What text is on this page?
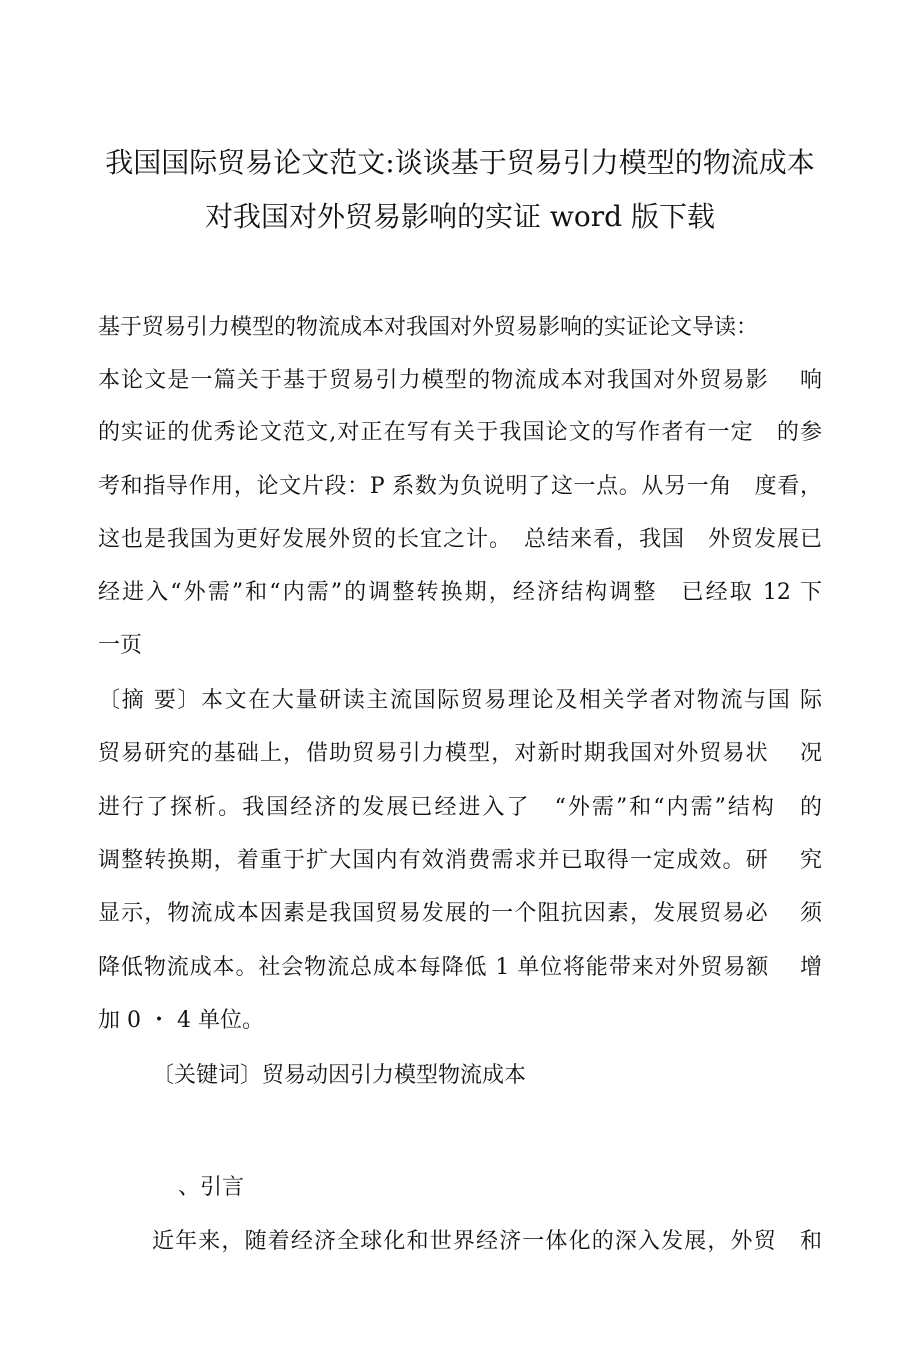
我国国际贸易论文范文:谈谈基于贸易引力模型的物流成本
对我国对外贸易影响的实证 word 版下载
基于贸易引力模型的物流成本对我国对外贸易影响的实证论文导读：
本论文是一篇关于基于贸易引力模型的物流成本对我国对外贸易影　 响
的实证的优秀论文范文,对正在写有关于我国论文的写作者有一定　的参
考和指导作用，论文片段：P 系数为负说明了这一点。从另一角　度看，
这也是我国为更好发展外贸的长宜之计。　总结来看，我国　外贸发展已
经进入“外需”和“内需”的调整转换期，经济结构调整　已经取 12 下
一页
〔摘 要〕本文在大量研读主流国际贸易理论及相关学者对物流与国 际
贸易研究的基础上，借助贸易引力模型，对新时期我国对外贸易状　 况
进行了探析。我国经济的发展已经进入了　“外需”和“内需”结构　的
调整转换期，着重于扩大国内有效消费需求并已取得一定成效。研　 究
显示，物流成本因素是我国贸易发展的一个阻抗因素，发展贸易必　 须
降低物流成本。社会物流总成本每降低 1 单位将能带来对外贸易额　 增
加 0 ・ 4 单位。
〔关键词〕贸易动因引力模型物流成本
、引言
近年来，随着经济全球化和世界经济一体化的深入发展，外贸　和
